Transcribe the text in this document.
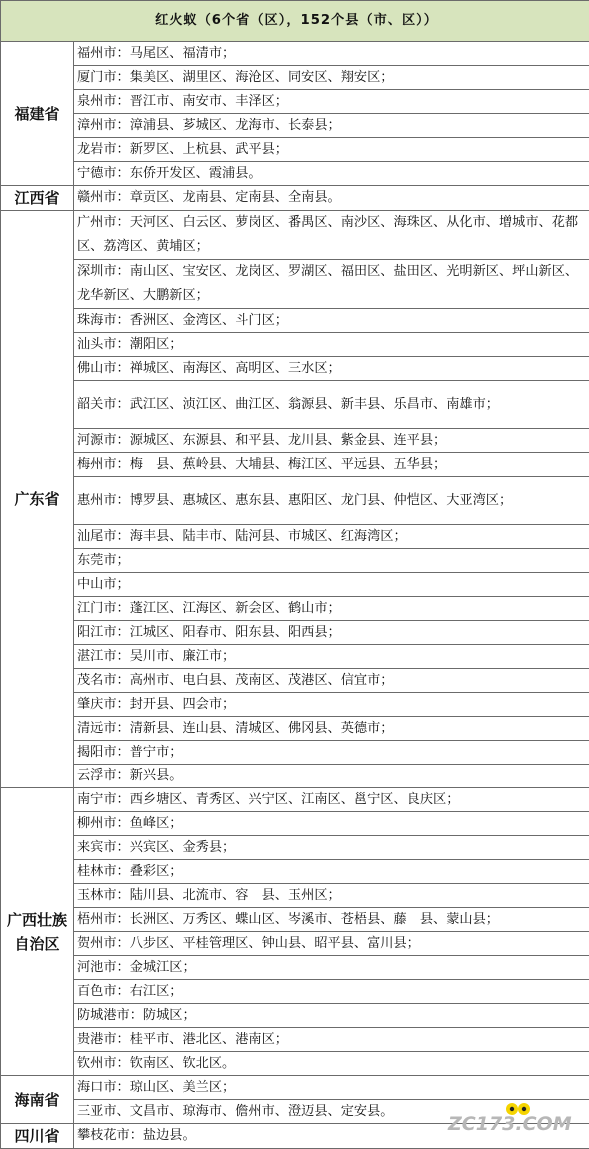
红火蚁（6个省（区），152个县（市、区））	
福建省	福州市：马尾区、福清市；
	厦门市：集美区、湖里区、海沧区、同安区、翔安区；
	泉州市：晋江市、南安市、丰泽区；
	漳州市：漳浦县、芗城区、龙海市、长泰县；
	龙岩市：新罗区、上杭县、武平县；
	宁德市：东侨开发区、霞浦县。
江西省	赣州市：章贡区、龙南县、定南县、全南县。
广东省	广州市：天河区、白云区、萝岗区、番禺区、南沙区、海珠区、从化市、增城市、花都区、荔湾区、黄埔区；
	深圳市：南山区、宝安区、龙岗区、罗湖区、福田区、盐田区、光明新区、坪山新区、龙华新区、大鹏新区；
	珠海市：香洲区、金湾区、斗门区；
	汕头市：潮阳区；
	佛山市：禅城区、南海区、高明区、三水区；
	韶关市：武江区、浈江区、曲江区、翁源县、新丰县、乐昌市、南雄市；
	河源市：源城区、东源县、和平县、龙川县、紫金县、连平县；
	梅州市：梅　县、蕉岭县、大埔县、梅江区、平远县、五华县；
	惠州市：博罗县、惠城区、惠东县、惠阳区、龙门县、仲恺区、大亚湾区；
	汕尾市：海丰县、陆丰市、陆河县、市城区、红海湾区；
	东莞市；
	中山市；
	江门市：蓬江区、江海区、新会区、鹤山市；
	阳江市：江城区、阳春市、阳东县、阳西县；
	湛江市：吴川市、廉江市；
	茂名市：高州市、电白县、茂南区、茂港区、信宜市；
	肇庆市：封开县、四会市；
	清远市：清新县、连山县、清城区、佛冈县、英德市；
	揭阳市：普宁市；
	云浮市：新兴县。
广西壮族自治区	南宁市：西乡塘区、青秀区、兴宁区、江南区、邕宁区、良庆区；
	柳州市：鱼峰区；
	来宾市：兴宾区、金秀县；
	桂林市：叠彩区；
	玉林市：陆川县、北流市、容　县、玉州区；
	梧州市：长洲区、万秀区、蝶山区、岑溪市、苍梧县、藤　县、蒙山县；
	贺州市：八步区、平桂管理区、钟山县、昭平县、富川县；
	河池市：金城江区；
	百色市：右江区；
	防城港市：防城区；
	贵港市：桂平市、港北区、港南区；
	钦州市：钦南区、钦北区。
海南省	海口市：琼山区、美兰区；
	三亚市、文昌市、琼海市、儋州市、澄迈县、定安县。
四川省	攀枝花市：盐边县。
ZC173.COM
